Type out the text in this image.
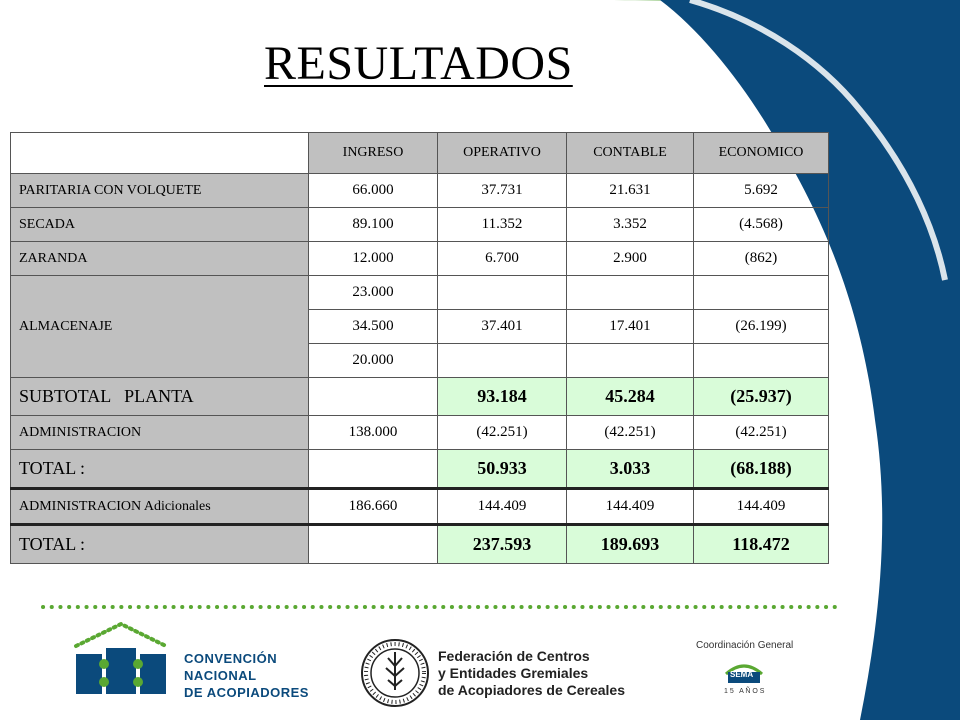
RESULTADOS
	INGRESO	OPERATIVO	CONTABLE	ECONOMICO
PARITARIA CON VOLQUETE	66.000	37.731	21.631	5.692
SECADA	89.100	11.352	3.352	(4.568)
ZARANDA	12.000	6.700	2.900	(862)
ALMACENAJE	23.000			
	34.500	37.401	17.401	(26.199)
	20.000			
SUBTOTAL   PLANTA		93.184	45.284	(25.937)
ADMINISTRACION	138.000	(42.251)	(42.251)	(42.251)
TOTAL :		50.933	3.033	(68.188)
ADMINISTRACION Adicionales	186.660	144.409	144.409	144.409
TOTAL :		237.593	189.693	118.472
CONVENCIÓN
NACIONAL
DE ACOPIADORES
Federación de Centros
y Entidades Gremiales
de Acopiadores de Cereales
Coordinación General
SEMA
1 5   A Ñ O S
